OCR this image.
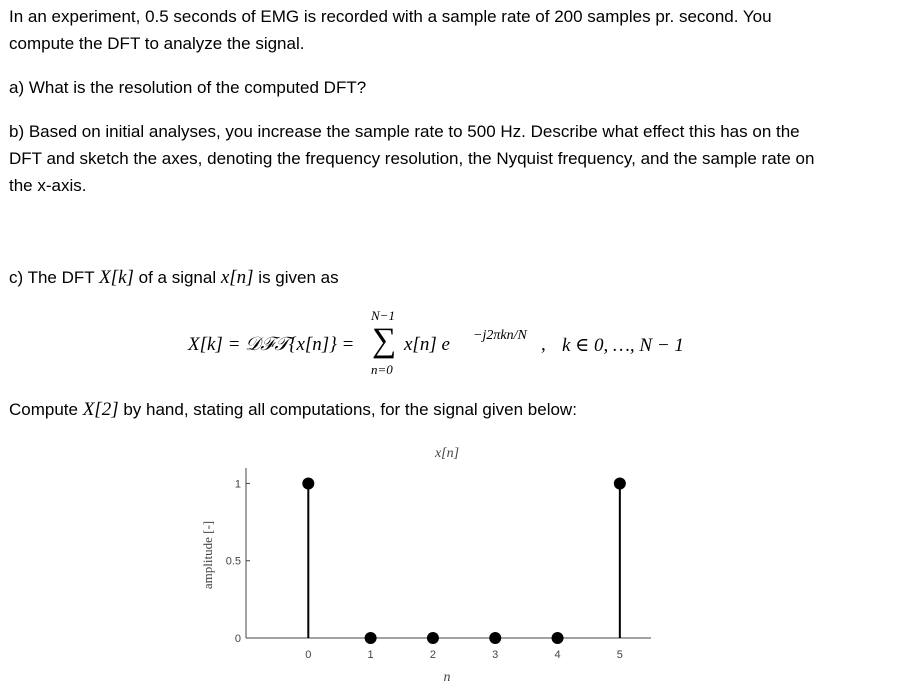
In an experiment, 0.5 seconds of EMG is recorded with a sample rate of 200 samples pr. second. You
compute the DFT to analyze the signal.

a) What is the resolution of the computed DFT?

b) Based on initial analyses, you increase the sample rate to 500 Hz. Describe what effect this has on the
DFT and sketch the axes, denoting the frequency resolution, the Nyquist frequency, and the sample rate on
the x-axis.

c) The DFT X[k] of a signal x[n] is given as

X[k] = 𝒟ℱ𝒯{x[n]} =
N−1
∑
n=0
x[n] e −j2πkn/N , k ∈ 0, …, N − 1

Compute X[2] by hand, stating all computations, for the signal given below:

x[n]
amplitude [-]
n
0	1	2	3	4	5
0
0.5
1
